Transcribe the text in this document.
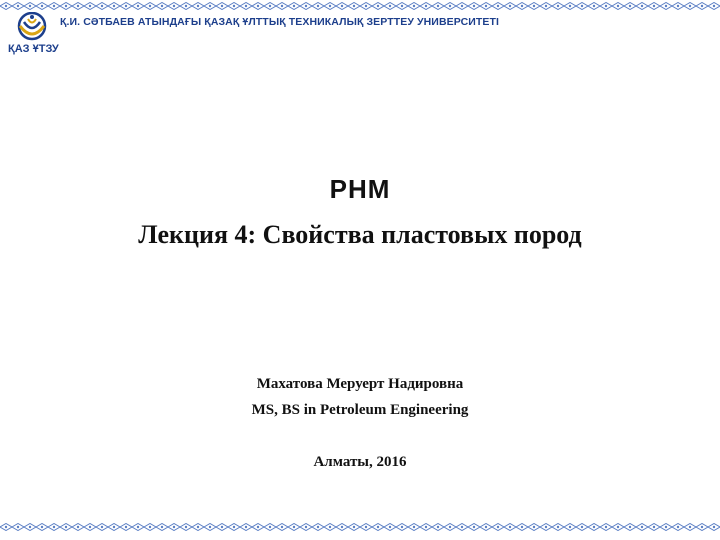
ҚАЗ ҰТЗУ
Қ.И. СӘТБАЕВ АТЫНДАҒЫ ҚАЗАҚ ҰЛТТЫҚ ТЕХНИКАЛЫҚ ЗЕРТТЕУ УНИВЕРСИТЕТІ
PHM
Лекция 4: Свойства пластовых пород
Махатова Меруерт Надировна
MS, BS in Petroleum Engineering
Алматы, 2016
